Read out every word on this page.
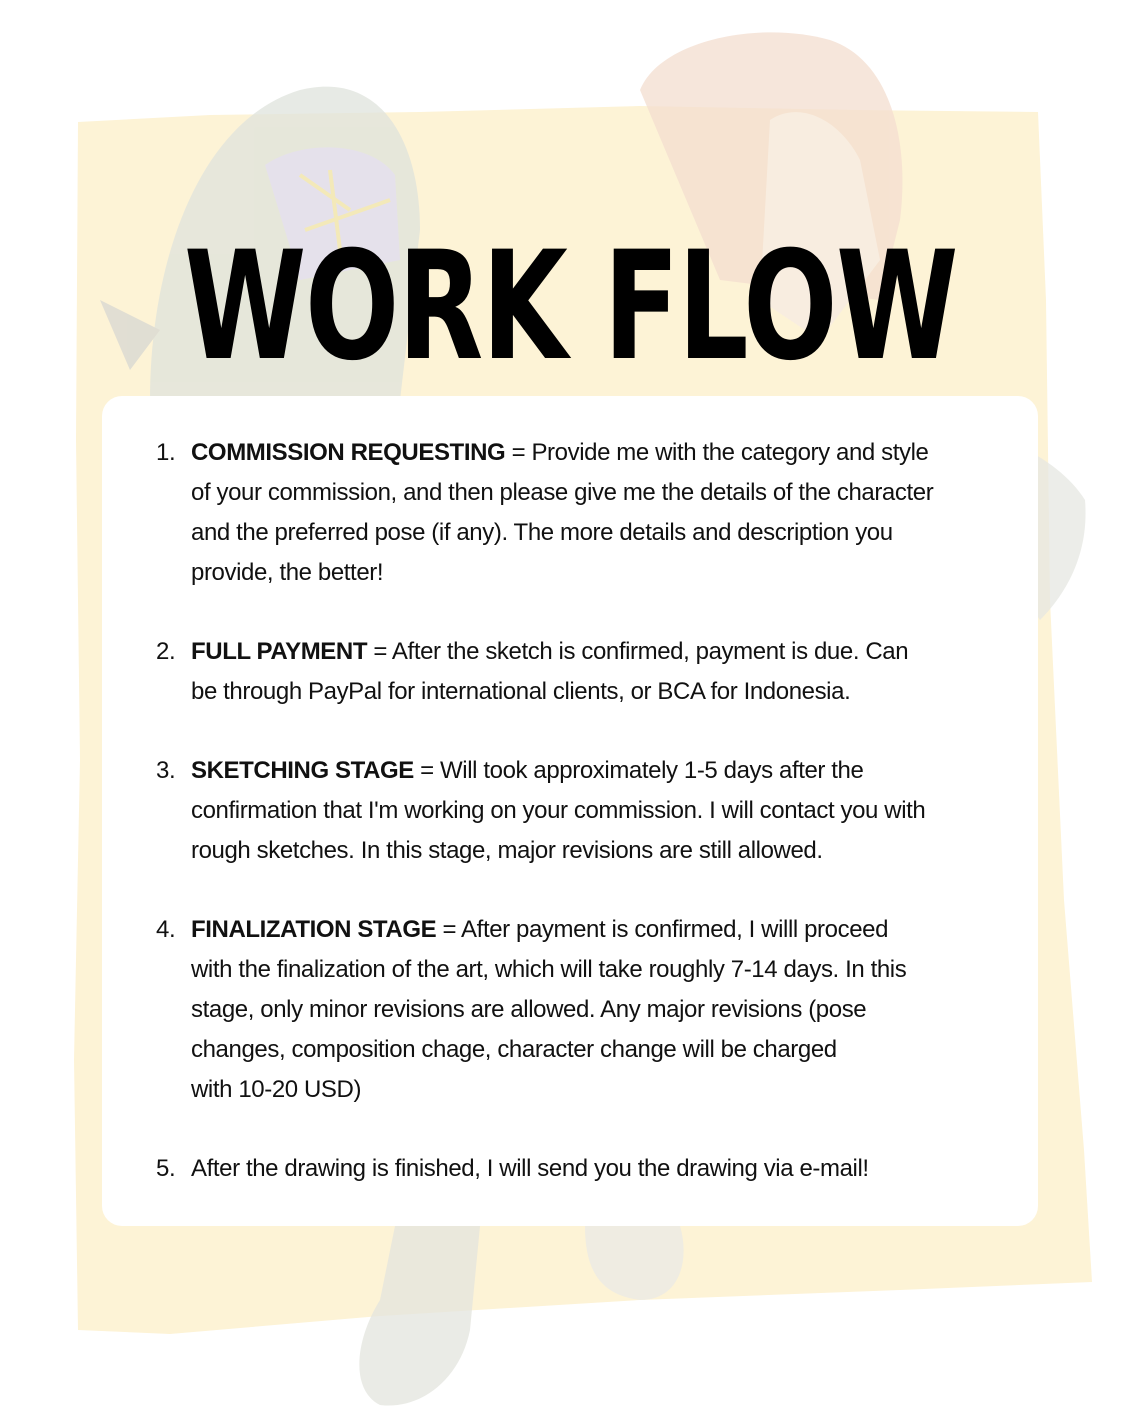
WORK FLOW
1. COMMISSION REQUESTING = Provide me with the category and style
of your commission, and then please give me the details of the character
and the preferred pose (if any). The more details and description you
provide, the better!
2. FULL PAYMENT = After the sketch is confirmed, payment is due. Can
be through PayPal for international clients, or BCA for Indonesia.
3. SKETCHING STAGE = Will took approximately 1-5 days after the
confirmation that I'm working on your commission. I will contact you with
rough sketches. In this stage, major revisions are still allowed.
4. FINALIZATION STAGE = After payment is confirmed, I willl proceed
with the finalization of the art, which will take roughly 7-14 days. In this
stage, only minor revisions are allowed. Any major revisions (pose
changes, composition chage, character change will be charged
with 10-20 USD)
5. After the drawing is finished, I will send you the drawing via e-mail!
